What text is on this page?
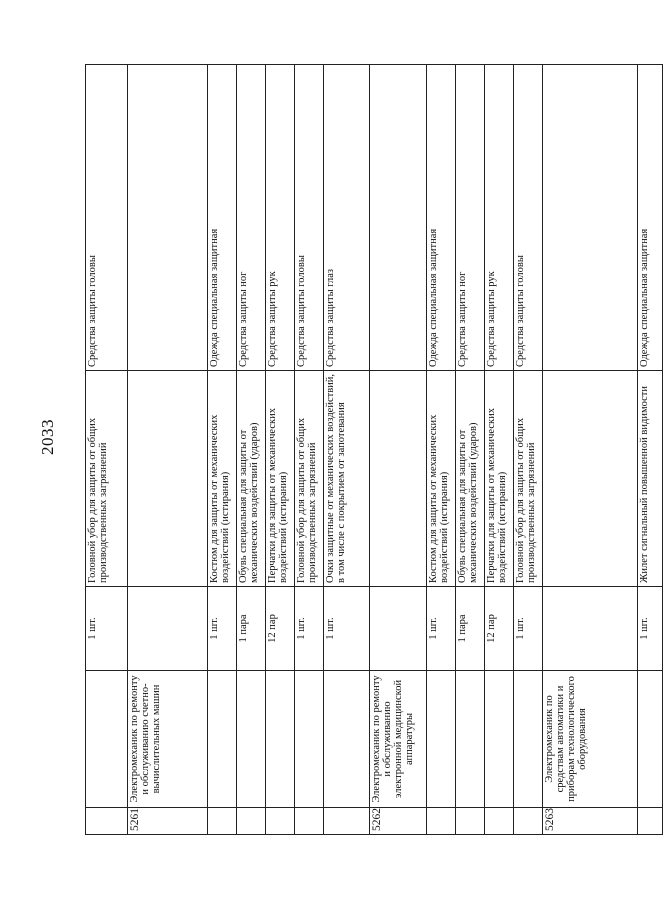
2033
		1 шт.	Головной убор для защиты от общих производственных загрязнений	Средства защиты головы
5261	Электромеханик по ремонту и обслуживанию счетно-вычислительных машин			
		1 шт.	Костюм для защиты от механических воздействий (истирания)	Одежда специальная защитная
		1 пара	Обувь специальная для защиты от механических воздействий (ударов)	Средства защиты ног
		12 пар	Перчатки для защиты от механических воздействий (истирания)	Средства защиты рук
		1 шт.	Головной убор для защиты от общих производственных загрязнений	Средства защиты головы
		1 шт.	Очки защитные от механических воздействий, в том числе с покрытием от запотевания	Средства защиты глаз
5262	Электромеханик по ремонту и обслуживанию электронной медицинской аппаратуры			
		1 шт.	Костюм для защиты от механических воздействий (истирания)	Одежда специальная защитная
		1 пара	Обувь специальная для защиты от механических воздействий (ударов)	Средства защиты ног
		12 пар	Перчатки для защиты от механических воздействий (истирания)	Средства защиты рук
		1 шт.	Головной убор для защиты от общих производственных загрязнений	Средства защиты головы
5263	Электромеханик по средствам автоматики и приборам технологического оборудования			
		1 шт.	Жилет сигнальный повышенной видимости	Одежда специальная защитная
